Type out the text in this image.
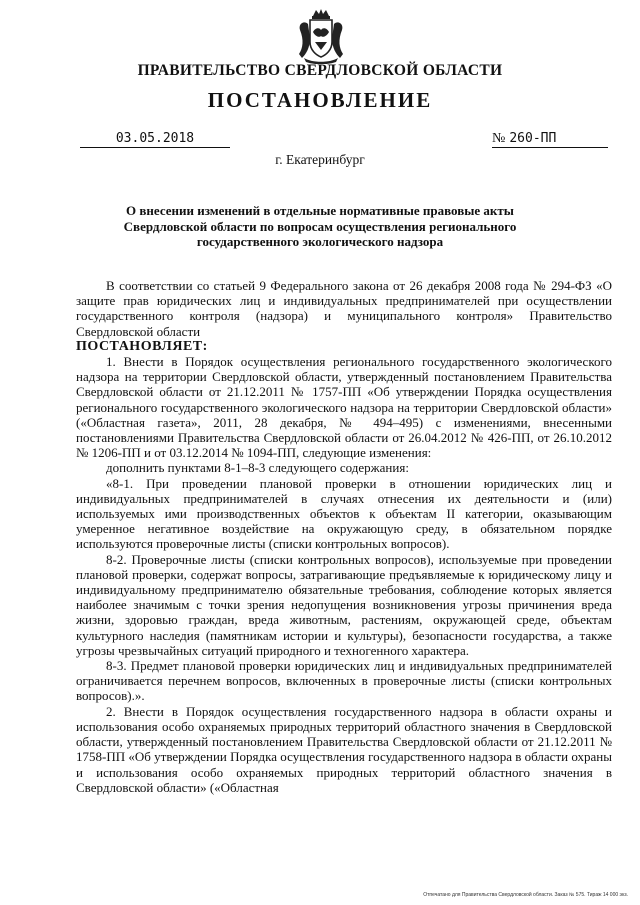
ПРАВИТЕЛЬСТВО СВЕРДЛОВСКОЙ ОБЛАСТИ
ПОСТАНОВЛЕНИЕ
03.05.2018	№ 260-ПП
г. Екатеринбург
О внесении изменений в отдельные нормативные правовые акты Свердловской области по вопросам осуществления регионального государственного экологического надзора

В соответствии со статьей 9 Федерального закона от 26 декабря 2008 года № 294-ФЗ «О защите прав юридических лиц и индивидуальных предпринимателей при осуществлении государственного контроля (надзора) и муниципального контроля» Правительство Свердловской области

ПОСТАНОВЛЯЕТ:

1. Внести в Порядок осуществления регионального государственного экологического надзора на территории Свердловской области, утвержденный постановлением Правительства Свердловской области от 21.12.2011 № 1757-ПП «Об утверждении Порядка осуществления регионального государственного экологического надзора на территории Свердловской области» («Областная газета», 2011, 28 декабря, № 494–495) с изменениями, внесенными постановлениями Правительства Свердловской области от 26.04.2012 № 426-ПП, от 26.10.2012 № 1206-ПП и от 03.12.2014 № 1094-ПП, следующие изменения:

дополнить пунктами 8-1–8-3 следующего содержания:

«8-1. При проведении плановой проверки в отношении юридических лиц и индивидуальных предпринимателей в случаях отнесения их деятельности и (или) используемых ими производственных объектов к объектам II категории, оказывающим умеренное негативное воздействие на окружающую среду, в обязательном порядке используются проверочные листы (списки контрольных вопросов).

8-2. Проверочные листы (списки контрольных вопросов), используемые при проведении плановой проверки, содержат вопросы, затрагивающие предъявляемые к юридическому лицу и индивидуальному предпринимателю обязательные требования, соблюдение которых является наиболее значимым с точки зрения недопущения возникновения угрозы причинения вреда жизни, здоровью граждан, вреда животным, растениям, окружающей среде, объектам культурного наследия (памятникам истории и культуры), безопасности государства, а также угрозы чрезвычайных ситуаций природного и техногенного характера.

8-3. Предмет плановой проверки юридических лиц и индивидуальных предпринимателей ограничивается перечнем вопросов, включенных в проверочные листы (списки контрольных вопросов).».

2. Внести в Порядок осуществления государственного надзора в области охраны и использования особо охраняемых природных территорий областного значения в Свердловской области, утвержденный постановлением Правительства Свердловской области от 21.12.2011 № 1758-ПП «Об утверждении Порядка осуществления государственного надзора в области охраны и использования особо охраняемых природных территорий областного значения в Свердловской области» («Областная

Отпечатано для Правительства Свердловской области. Заказ № 575. Тираж 14 000 экз.
